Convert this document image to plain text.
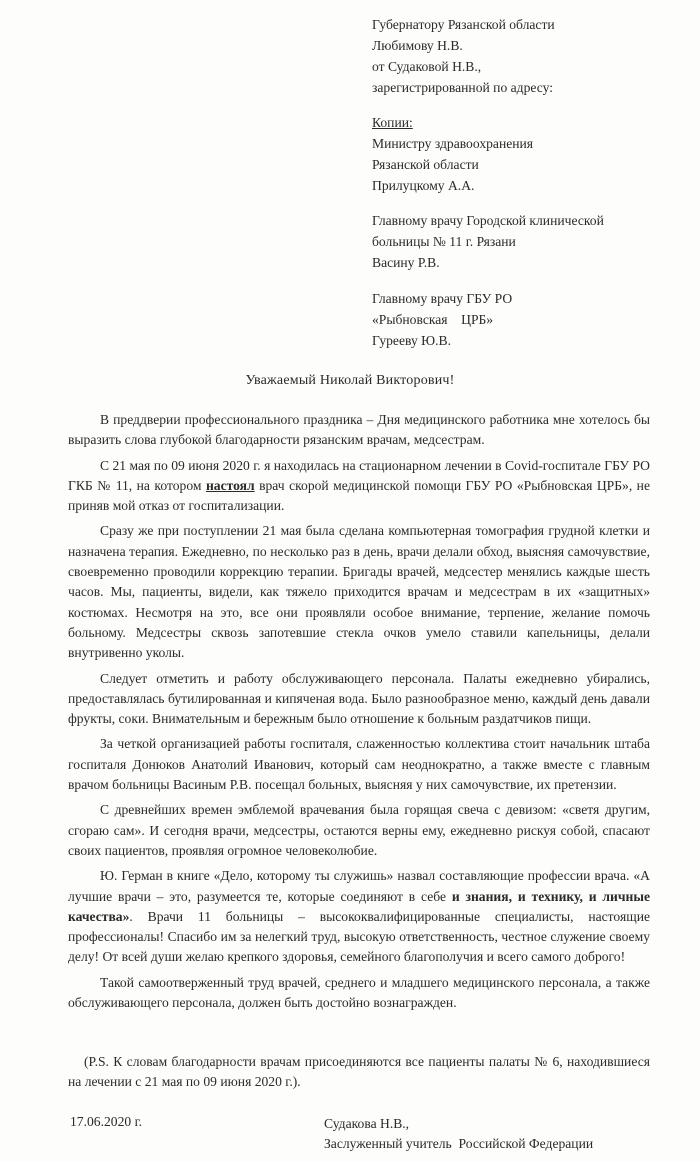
Губернатору Рязанской области
Любимову Н.В.
от Судаковой Н.В.,
зарегистрированной по адресу:
Копии:
Министру здравоохранения
Рязанской области
Прилуцкому А.А.
Главному врачу Городской клинической
больницы № 11 г. Рязани
Васину Р.В.
Главному врачу ГБУ РО
«Рыбновская    ЦРБ»
Гурееву Ю.В.
Уважаемый Николай Викторович!

В преддверии профессионального праздника – Дня медицинского работника мне хотелось бы выразить слова глубокой благодарности рязанским врачам, медсестрам.

С 21 мая по 09 июня 2020 г. я находилась на стационарном лечении в Covid-госпитале ГБУ РО ГКБ № 11, на котором настоял врач скорой медицинской помощи ГБУ РО «Рыбновская ЦРБ», не приняв мой отказ от госпитализации.

Сразу же при поступлении 21 мая была сделана компьютерная томография грудной клетки и назначена терапия. Ежедневно, по несколько раз в день, врачи делали обход, выясняя самочувствие, своевременно проводили коррекцию терапии. Бригады врачей, медсестер менялись каждые шесть часов. Мы, пациенты, видели, как тяжело приходится врачам и медсестрам в их «защитных» костюмах. Несмотря на это, все они проявляли особое внимание, терпение, желание помочь больному. Медсестры сквозь запотевшие стекла очков умело ставили капельницы, делали внутривенно уколы.

Следует отметить и работу обслуживающего персонала. Палаты ежедневно убирались, предоставлялась бутилированная и кипяченая вода. Было разнообразное меню, каждый день давали фрукты, соки. Внимательным и бережным было отношение к больным раздатчиков пищи.

За четкой организацией работы госпиталя, слаженностью коллектива стоит начальник штаба госпиталя Донюков Анатолий Иванович, который сам неоднократно, а также вместе с главным врачом больницы Васиным Р.В. посещал больных, выясняя у них самочувствие, их претензии.

С древнейших времен эмблемой врачевания была горящая свеча с девизом: «светя другим, сгораю сам». И сегодня врачи, медсестры, остаются верны ему, ежедневно рискуя собой, спасают своих пациентов, проявляя огромное человеколюбие.

Ю. Герман в книге «Дело, которому ты служишь» назвал составляющие профессии врача. «А лучшие врачи – это, разумеется те, которые соединяют в себе и знания, и технику, и личные качества». Врачи 11 больницы – высококвалифицированные специалисты, настоящие профессионалы! Спасибо им за нелегкий труд, высокую ответственность, честное служение своему делу! От всей души желаю крепкого здоровья, семейного благополучия и всего самого доброго!

Такой самоотверженный труд врачей, среднего и младшего медицинского персонала, а также обслуживающего персонала, должен быть достойно вознагражден.

(P.S. К словам благодарности врачам присоединяются все пациенты палаты № 6, находившиеся на лечении с 21 мая по 09 июня 2020 г.).

17.06.2020 г.	Судакова Н.В.,
Заслуженный учитель  Российской Федерации
